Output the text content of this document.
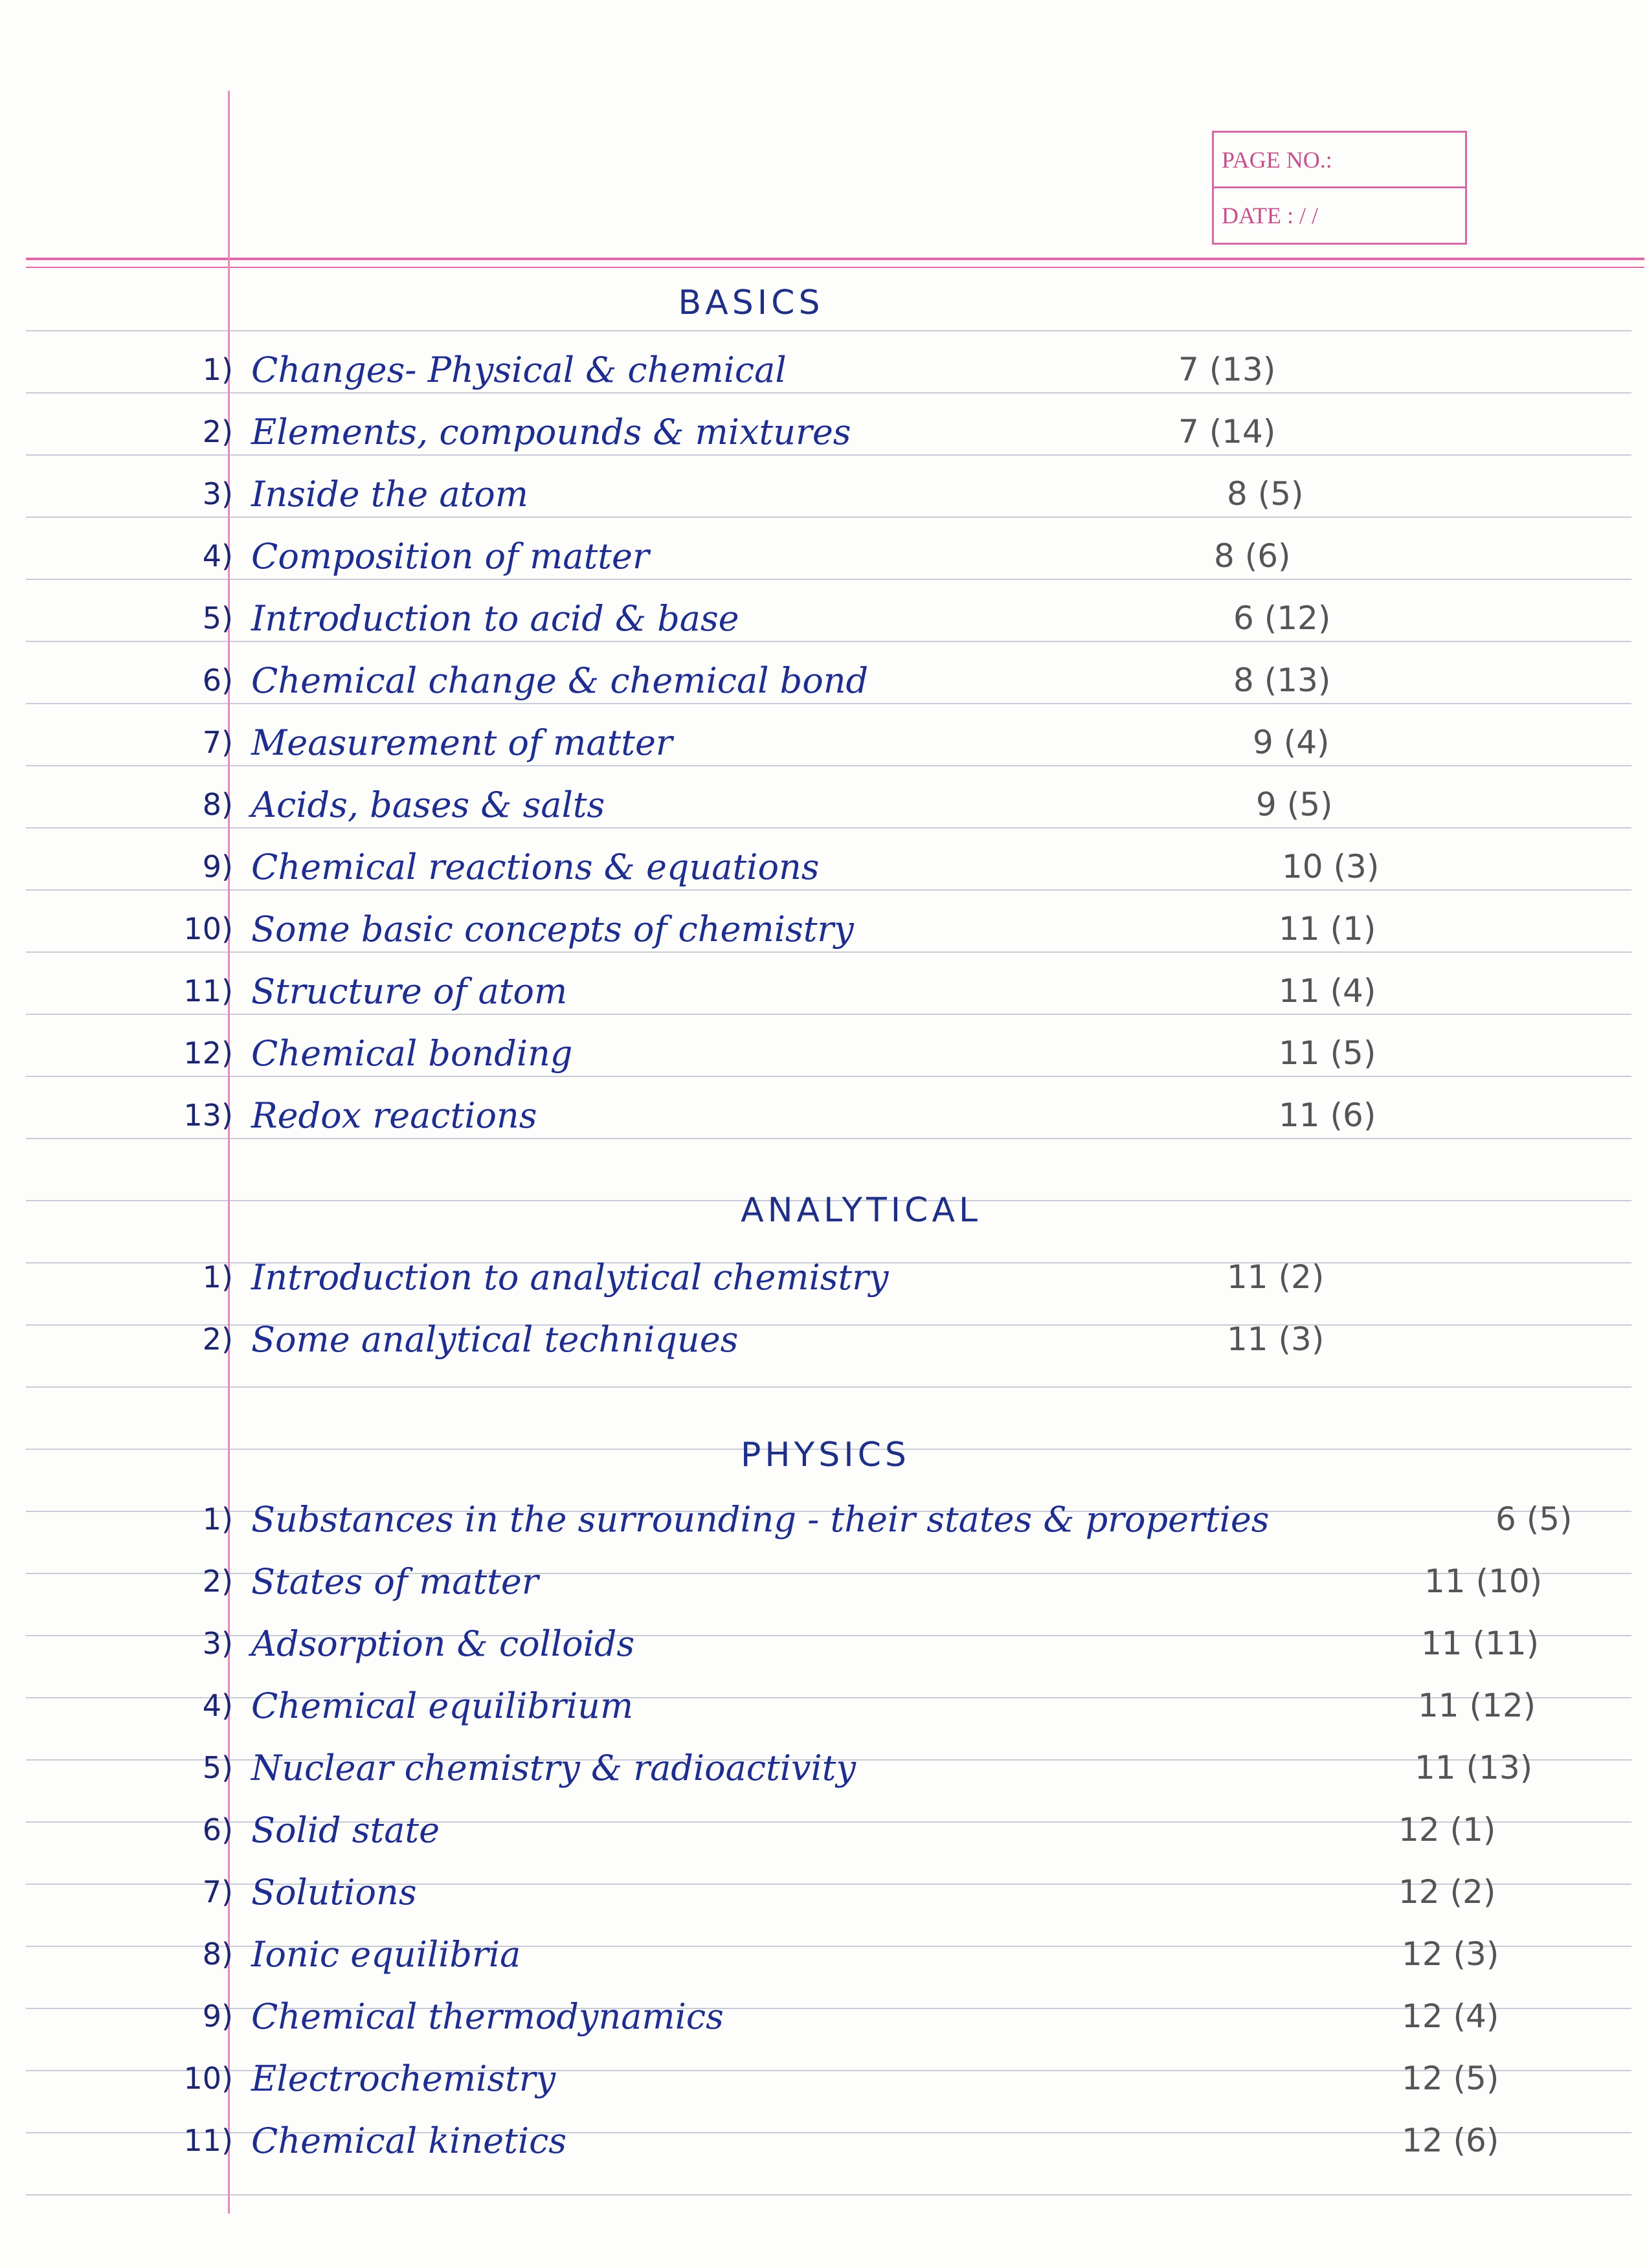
PAGE NO.:
DATE : / /
BASICS
1) Changes- Physical & chemical	7 (13)
2) Elements, compounds & mixtures	7 (14)
3) Inside the atom	8 (5)
4) Composition of matter	8 (6)
5) Introduction to acid & base	6 (12)
6) Chemical change & chemical bond	8 (13)
7) Measurement of matter	9 (4)
8) Acids, bases & salts	9 (5)
9) Chemical reactions & equations	10 (3)
10) Some basic concepts of chemistry	11 (1)
11) Structure of atom	11 (4)
12) Chemical bonding	11 (5)
13) Redox reactions	11 (6)
ANALYTICAL
1) Introduction to analytical chemistry	11 (2)
2) Some analytical techniques	11 (3)
PHYSICS
1) Substances in the surrounding - their states & properties	6 (5)
2) States of matter	11 (10)
3) Adsorption & colloids	11 (11)
4) Chemical equilibrium	11 (12)
5) Nuclear chemistry & radioactivity	11 (13)
6) Solid state	12 (1)
7) Solutions	12 (2)
8) Ionic equilibria	12 (3)
9) Chemical thermodynamics	12 (4)
10) Electrochemistry	12 (5)
11) Chemical kinetics	12 (6)
